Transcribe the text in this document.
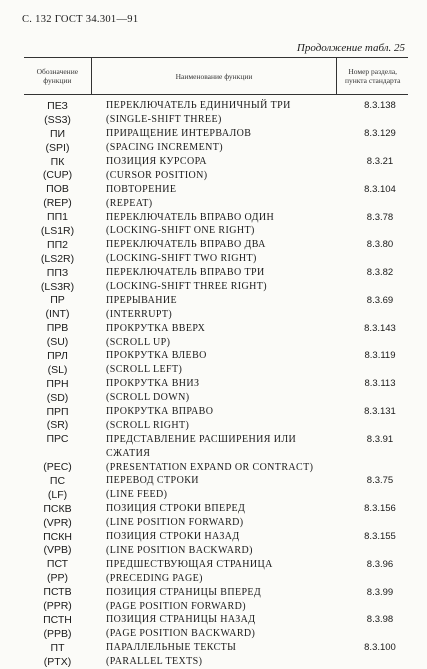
С. 132 ГОСТ 34.301—91
Продолжение табл. 25
Обозначение функции	Наименование функции	Номер раздела, пункта стандарта
ПЕЗ	ПЕРЕКЛЮЧАТЕЛЬ ЕДИНИЧНЫЙ ТРИ	8.3.138
(SS3)	(SINGLE-SHIFT THREE)
ПИ	ПРИРАЩЕНИЕ ИНТЕРВАЛОВ	8.3.129
(SPI)	(SPACING INCREMENT)
ПК	ПОЗИЦИЯ КУРСОРА	8.3.21
(CUP)	(CURSOR POSITION)
ПОВ	ПОВТОРЕНИЕ	8.3.104
(REP)	(REPEAT)
ПП1	ПЕРЕКЛЮЧАТЕЛЬ ВПРАВО ОДИН	8.3.78
(LS1R)	(LOCKING-SHIFT ONE RIGHT)
ПП2	ПЕРЕКЛЮЧАТЕЛЬ ВПРАВО ДВА	8.3.80
(LS2R)	(LOCKING-SHIFT TWO RIGHT)
ППЗ	ПЕРЕКЛЮЧАТЕЛЬ ВПРАВО ТРИ	8.3.82
(LS3R)	(LOCKING-SHIFT THREE RIGHT)
ПР	ПРЕРЫВАНИЕ	8.3.69
(INT)	(INTERRUPT)
ПРВ	ПРОКРУТКА ВВЕРХ	8.3.143
(SU)	(SCROLL UP)
ПРЛ	ПРОКРУТКА ВЛЕВО	8.3.119
(SL)	(SCROLL LEFT)
ПРН	ПРОКРУТКА ВНИЗ	8.3.113
(SD)	(SCROLL DOWN)
ПРП	ПРОКРУТКА ВПРАВО	8.3.131
(SR)	(SCROLL RIGHT)
ПРС	ПРЕДСТАВЛЕНИЕ РАСШИРЕНИЯ ИЛИ	8.3.91
СЖАТИЯ
(PEC)	(PRESENTATION EXPAND OR CONTRACT)
ПС	ПЕРЕВОД СТРОКИ	8.3.75
(LF)	(LINE FEED)
ПСКВ	ПОЗИЦИЯ СТРОКИ ВПЕРЕД	8.3.156
(VPR)	(LINE POSITION FORWARD)
ПСКН	ПОЗИЦИЯ СТРОКИ НАЗАД	8.3.155
(VPB)	(LINE POSITION BACKWARD)
ПСТ	ПРЕДШЕСТВУЮЩАЯ СТРАНИЦА	8.3.96
(PP)	(PRECEDING PAGE)
ПСТВ	ПОЗИЦИЯ СТРАНИЦЫ ВПЕРЕД	8.3.99
(PPR)	(PAGE POSITION FORWARD)
ПСТН	ПОЗИЦИЯ СТРАНИЦЫ НАЗАД	8.3.98
(PPB)	(PAGE POSITION BACKWARD)
ПТ	ПАРАЛЛЕЛЬНЫЕ ТЕКСТЫ	8.3.100
(PTX)	(PARALLEL TEXTS)
